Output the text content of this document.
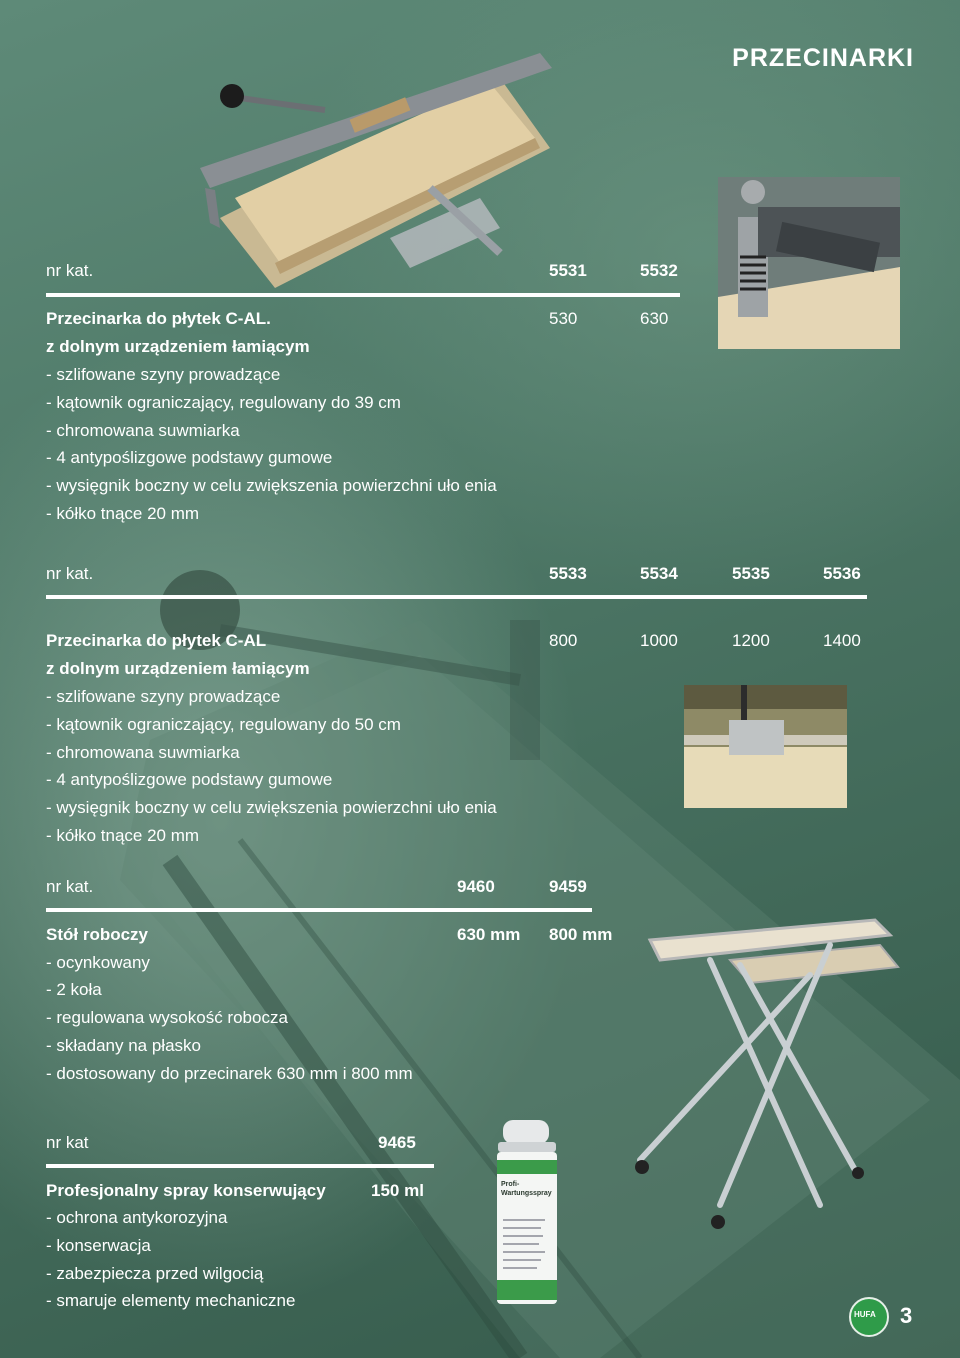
PRZECINARKI
nr kat.	5531	5532
Przecinarka do płytek C-AL.	530	630
z dolnym urządzeniem łamiącym
- szlifowane szyny prowadzące
- kątownik ograniczający, regulowany do 39 cm
- chromowana suwmiarka
- 4 antypoślizgowe podstawy gumowe
- wysięgnik boczny w celu zwiększenia powierzchni uło enia
- kółko tnące 20 mm
nr kat.	5533	5534	5535	5536
Przecinarka do płytek C-AL	800	1000	1200	1400
z dolnym urządzeniem łamiącym
- szlifowane szyny prowadzące
- kątownik ograniczający, regulowany do 50 cm
- chromowana suwmiarka
- 4 antypoślizgowe podstawy gumowe
- wysięgnik boczny w celu zwiększenia powierzchni uło enia
- kółko tnące 20 mm
nr kat.	9460	9459
Stół roboczy	630 mm 800 mm
- ocynkowany
- 2 koła
- regulowana wysokość robocza
- składany na płasko
- dostosowany do przecinarek 630 mm i 800 mm
nr kat	9465
Profesjonalny spray konserwujący	150 ml
- ochrona antykorozyjna
- konserwacja
- zabezpiecza przed wilgocią
- smaruje elementy mechaniczne
Profi-Wartungsspray
HUFA 3
